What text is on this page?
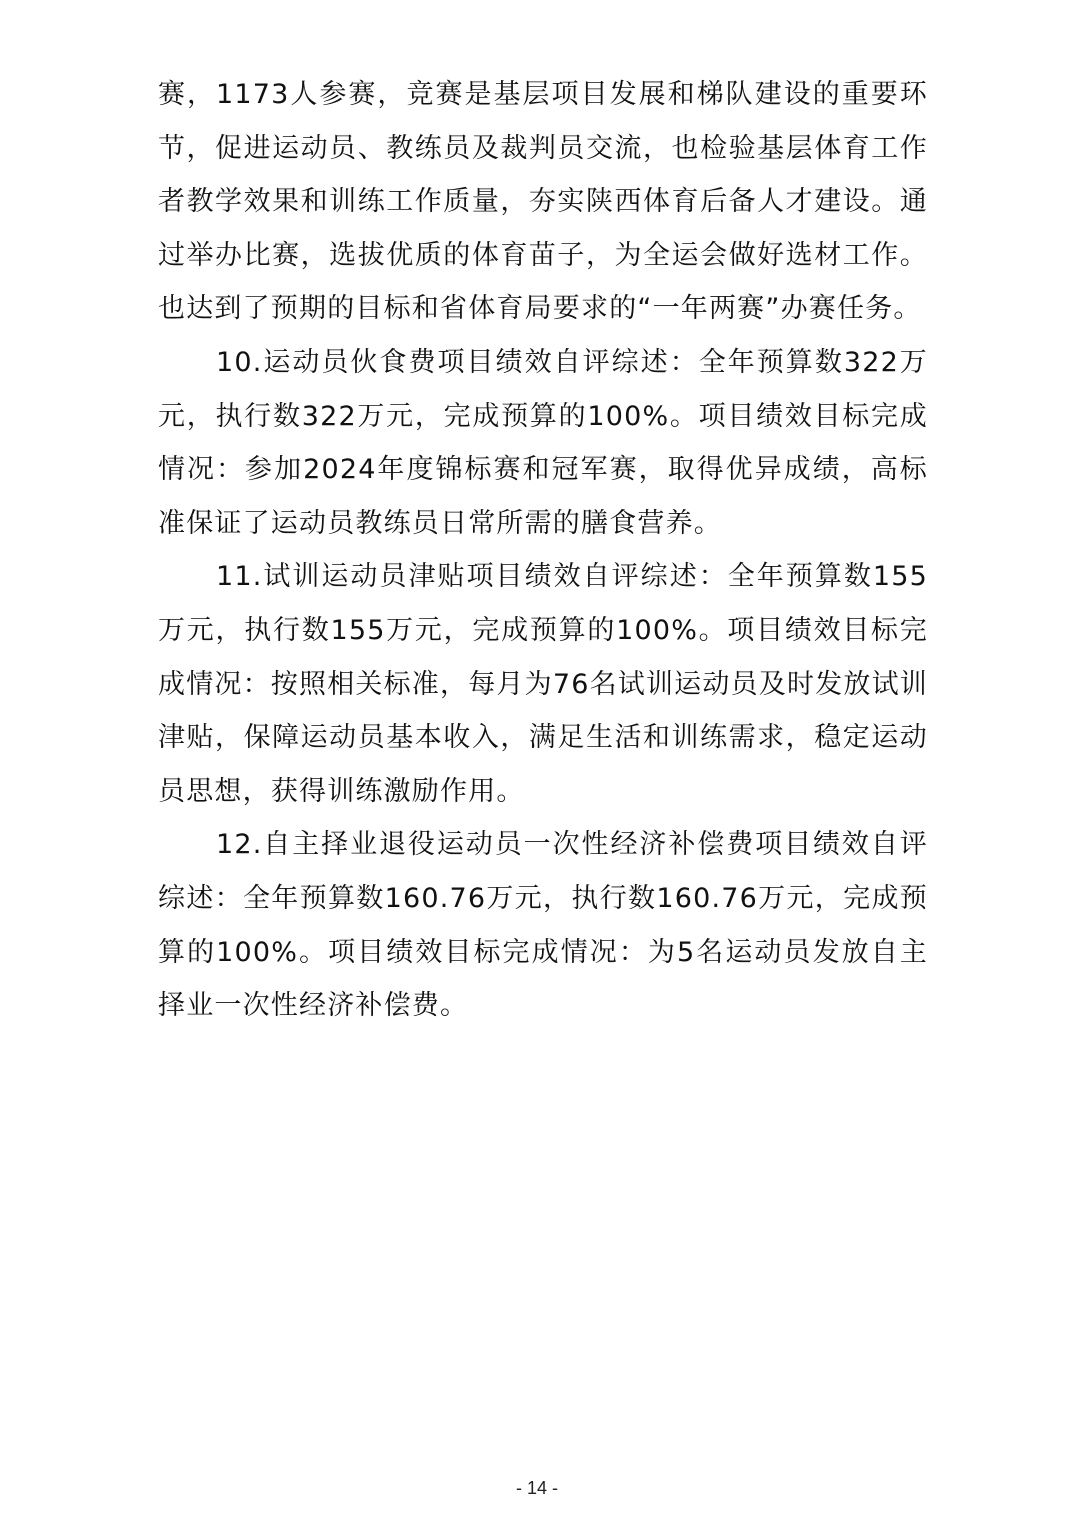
赛，1173人参赛，竞赛是基层项目发展和梯队建设的重要环节，促进运动员、教练员及裁判员交流，也检验基层体育工作者教学效果和训练工作质量，夯实陕西体育后备人才建设。通过举办比赛，选拔优质的体育苗子，为全运会做好选材工作。也达到了预期的目标和省体育局要求的“一年两赛”办赛任务。

10.运动员伙食费项目绩效自评综述：全年预算数322万元，执行数322万元，完成预算的100%。项目绩效目标完成情况：参加2024年度锦标赛和冠军赛，取得优异成绩，高标准保证了运动员教练员日常所需的膳食营养。

11.试训运动员津贴项目绩效自评综述：全年预算数155万元，执行数155万元，完成预算的100%。项目绩效目标完成情况：按照相关标准，每月为76名试训运动员及时发放试训津贴，保障运动员基本收入，满足生活和训练需求，稳定运动员思想，获得训练激励作用。

12.自主择业退役运动员一次性经济补偿费项目绩效自评综述：全年预算数160.76万元，执行数160.76万元，完成预算的100%。项目绩效目标完成情况：为5名运动员发放自主择业一次性经济补偿费。

- 14 -
